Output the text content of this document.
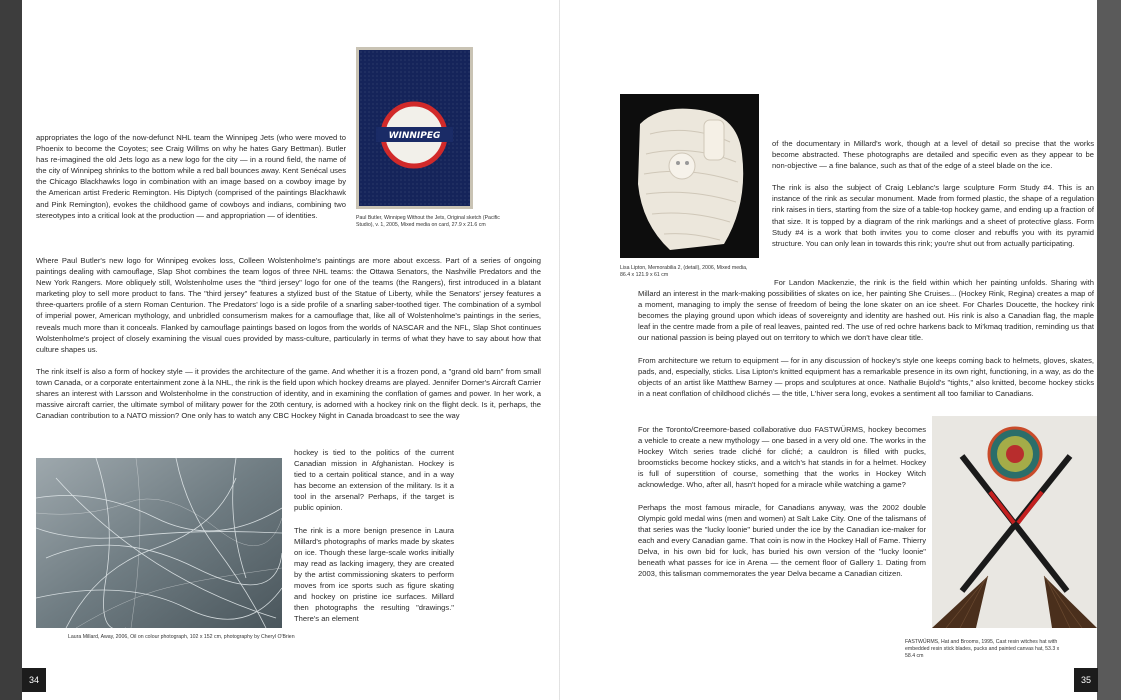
WINNIPEG
Paul Butler, Winnipeg Without the Jets, Original sketch (Pacific Studio), v. 1, 2005, Mixed media on card, 27.9 x 21.6 cm

appropriates the logo of the now-defunct NHL team the Winnipeg Jets (who were moved to Phoenix to become the Coyotes; see Craig Willms on why he hates Gary Bettman). Butler has re-imagined the old Jets logo as a new logo for the city — in a round field, the name of the city of Winnipeg shrinks to the bottom while a red ball bounces away. Kent Senécal uses the Chicago Blackhawks logo in combination with an image based on a cowboy image by the American artist Frederic Remington. His Diptych (comprised of the paintings Blackhawk and Pink Remington), evokes the childhood game of cowboys and indians, combining two stereotypes into a critical look at the production — and appropriation — of identities.

Where Paul Butler's new logo for Winnipeg evokes loss, Colleen Wolstenholme's paintings are more about excess. Part of a series of ongoing paintings dealing with camouflage, Slap Shot combines the team logos of three NHL teams: the Ottawa Senators, the Nashville Predators and the New York Rangers. More obliquely still, Wolstenholme uses the "third jersey" logo for one of the teams (the Rangers), first introduced in a blatant marketing ploy to sell more product to fans. The "third jersey" features a stylized bust of the Statue of Liberty, while the Senators' jersey features a three-quarters profile of a stern Roman Centurion. The Predators' logo is a side profile of a snarling saber-toothed tiger. The combination of a symbol of imperial power, American mythology, and unbridled consumerism makes for a camouflage that, like all of Wolstenholme's paintings in the series, reveals much more than it conceals. Flanked by camouflage paintings based on logos from the worlds of NASCAR and the NFL, Slap Shot continues Wolstenholme's project of closely examining the visual cues provided by mass-culture, particularly in terms of what they have to say about how that culture shapes us.

The rink itself is also a form of hockey style — it provides the architecture of the game. And whether it is a frozen pond, a "grand old barn" from small town Canada, or a corporate entertainment zone à la NHL, the rink is the field upon which hockey dreams are played. Jennifer Dorner's Aircraft Carrier shares an interest with Larsson and Wolstenholme in the construction of identity, and in examining the conflation of games and power. In her work, a massive aircraft carrier, the ultimate symbol of military power for the 20th century, is adorned with a hockey rink on the flight deck. Is it, perhaps, the Canadian contribution to a NATO mission? One only has to watch any CBC Hockey Night in Canada broadcast to see the way

Laura Millard, Away, 2006, Oil on colour photograph, 102 x 152 cm, photography by Cheryl O'Brien

hockey is tied to the politics of the current Canadian mission in Afghanistan. Hockey is tied to a certain political stance, and in a way has become an extension of the military. Is it a tool in the arsenal? Perhaps, if the target is public opinion.

The rink is a more benign presence in Laura Millard's photographs of marks made by skates on ice. Though these large-scale works initially may read as lacking imagery, they are created by the artist commissioning skaters to perform moves from ice sports such as figure skating and hockey on pristine ice surfaces. Millard then photographs the resulting "drawings." There's an element

34
Lisa Lipton, Memorabilia 2, (detail), 2006, Mixed media, 86.4 x 121.9 x 61 cm

of the documentary in Millard's work, though at a level of detail so precise that the works become abstracted. These photographs are detailed and specific even as they appear to be non-objective — a fine balance, such as that of the edge of a steel blade on the ice.

The rink is also the subject of Craig Leblanc's large sculpture Form Study #4. This is an instance of the rink as secular monument. Made from formed plastic, the shape of a regulation rink raises in tiers, starting from the size of a table-top hockey game, and ending up a fraction of that size. It is topped by a diagram of the rink markings and a sheet of protective glass. Form Study #4 is a work that both invites you to come closer and rebuffs you with its pyramid structure. You can only lean in towards this rink; you're shut out from actually participating.

For Landon Mackenzie, the rink is the field within which her painting unfolds. Sharing with Millard an interest in the mark-making possibilities of skates on ice, her painting She Cruises... (Hockey Rink, Regina) creates a map of a moment, managing to imply the sense of freedom of being the lone skater on an ice sheet. For Charles Doucette, the hockey rink becomes the playing ground upon which ideas of sovereignty and identity are hashed out. His rink is also a Canadian flag, the maple leaf in the centre made from a pile of real leaves, painted red. The use of red ochre harkens back to Mi'kmaq tradition, reminding us that our national passion is being played out on territory to which we don't have clear title.

From architecture we return to equipment — for in any discussion of hockey's style one keeps coming back to helmets, gloves, skates, pads, and, especially, sticks. Lisa Lipton's knitted equipment has a remarkable presence in its own right, functioning, in a way, as do the objects of an artist like Matthew Barney — props and sculptures at once. Nathalie Bujold's "tights," also knitted, become hockey sticks in a neat conflation of childhood clichés — the title, L'hiver sera long, evokes a sentiment all too familiar to Canadians.

For the Toronto/Creemore-based collaborative duo FASTWÜRMS, hockey becomes a vehicle to create a new mythology — one based in a very old one. The works in the Hockey Witch series trade cliché for cliché; a cauldron is filled with pucks, broomsticks become hockey sticks, and a witch's hat stands in for a helmet. Hockey is full of superstition of course, something that the works in Hockey Witch acknowledge. Who, after all, hasn't hoped for a miracle while watching a game?

Perhaps the most famous miracle, for Canadians anyway, was the 2002 double Olympic gold medal wins (men and women) at Salt Lake City. One of the talismans of that series was the "lucky loonie" buried under the ice by the Canadian ice-maker for each and every Canadian game. That coin is now in the Hockey Hall of Fame. Thierry Delva, in his own bid for luck, has buried his own version of the "lucky loonie" beneath what passes for ice in Arena — the cement floor of Gallery 1. Dating from 2003, this talisman commemorates the year Delva became a Canadian citizen.

FASTWÜRMS, Hat and Brooms, 1995, Cast resin witches hat with embedded resin stick blades, pucks and painted canvas hat, 53.3 x 58.4 cm
35
